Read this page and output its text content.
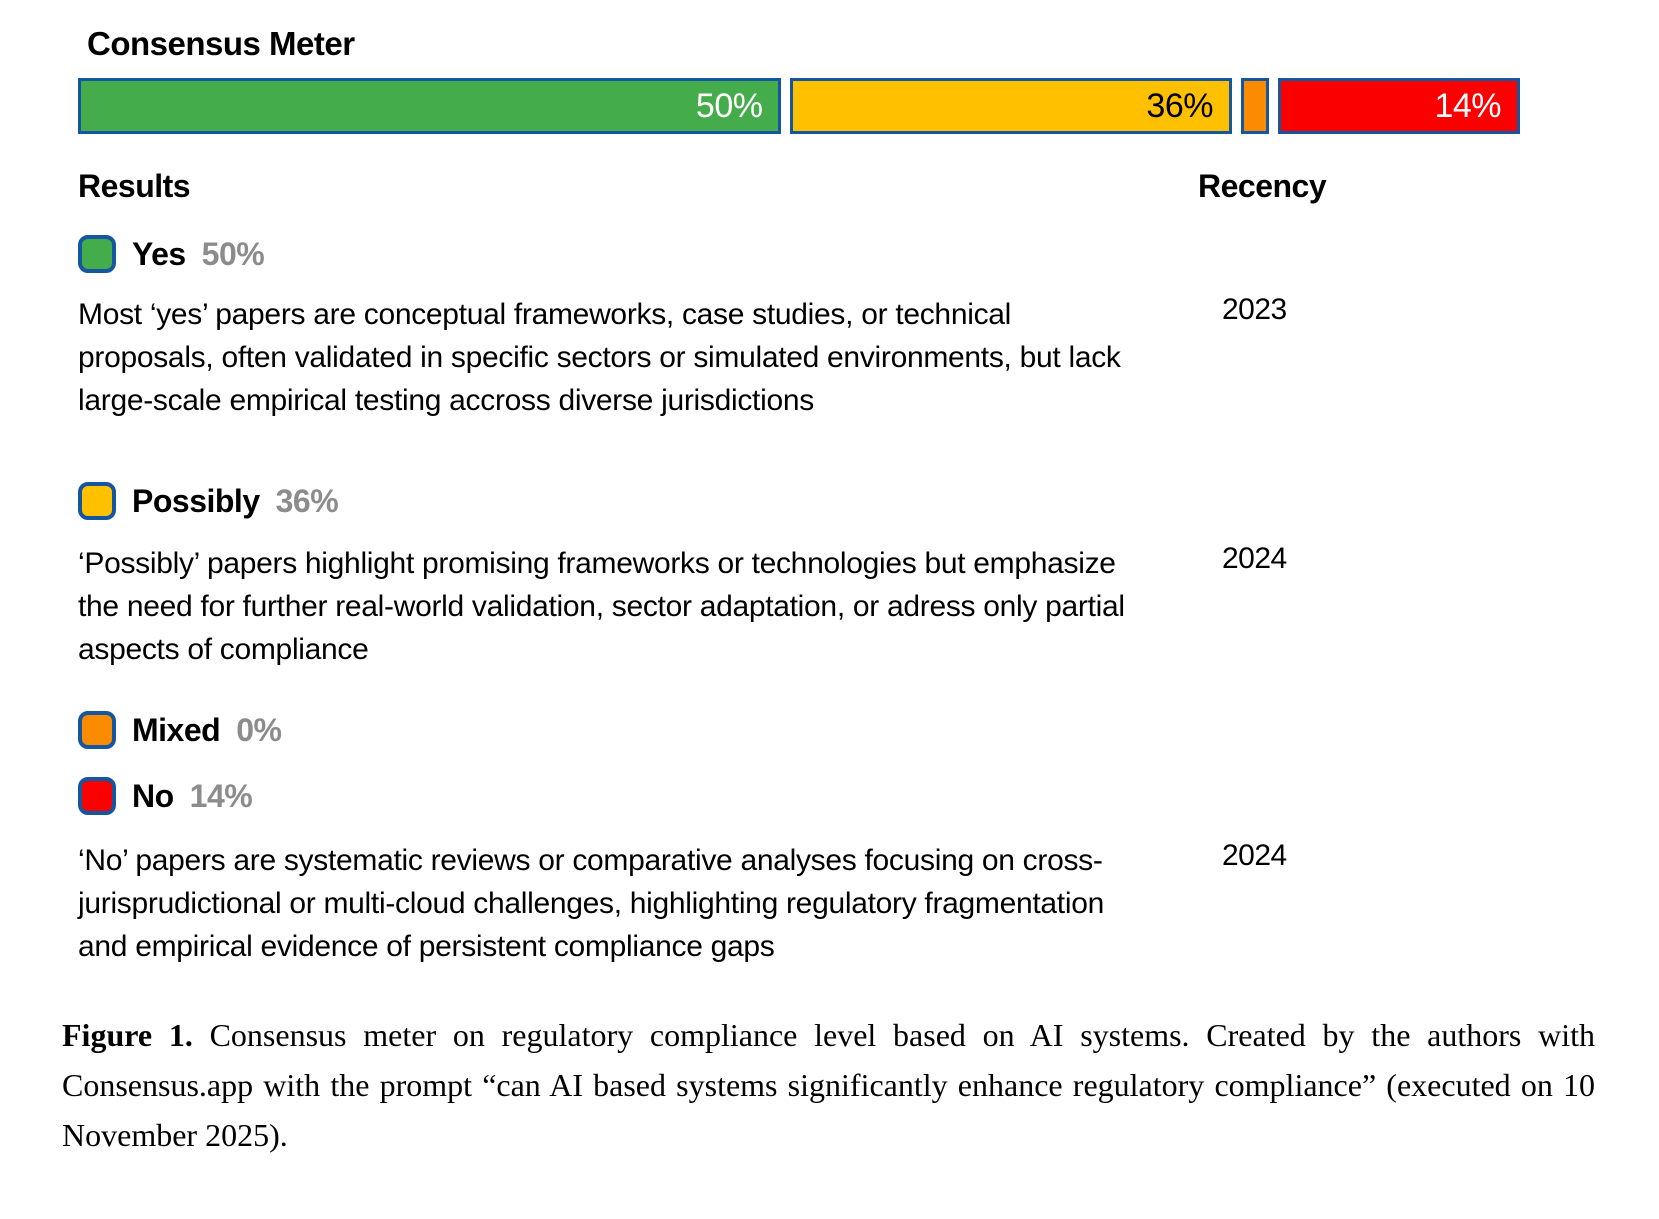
Consensus Meter
50%	36%	14%
Results	Recency
Yes 50%
Most ‘yes’ papers are conceptual frameworks, case studies, or technical proposals, often validated in specific sectors or simulated environments, but lack large-scale empirical testing accross diverse jurisdictions
2023
Possibly 36%
‘Possibly’ papers highlight promising frameworks or technologies but emphasize the need for further real-world validation, sector adaptation, or adress only partial aspects of compliance
2024
Mixed 0%
No 14%
‘No’ papers are systematic reviews or comparative analyses focusing on cross-jurisprudictional or multi-cloud challenges, highlighting regulatory fragmentation and empirical evidence of persistent compliance gaps
2024

Figure 1. Consensus meter on regulatory compliance level based on AI systems. Created by the authors with Consensus.app with the prompt “can AI based systems significantly enhance regulatory compliance” (executed on 10 November 2025).
